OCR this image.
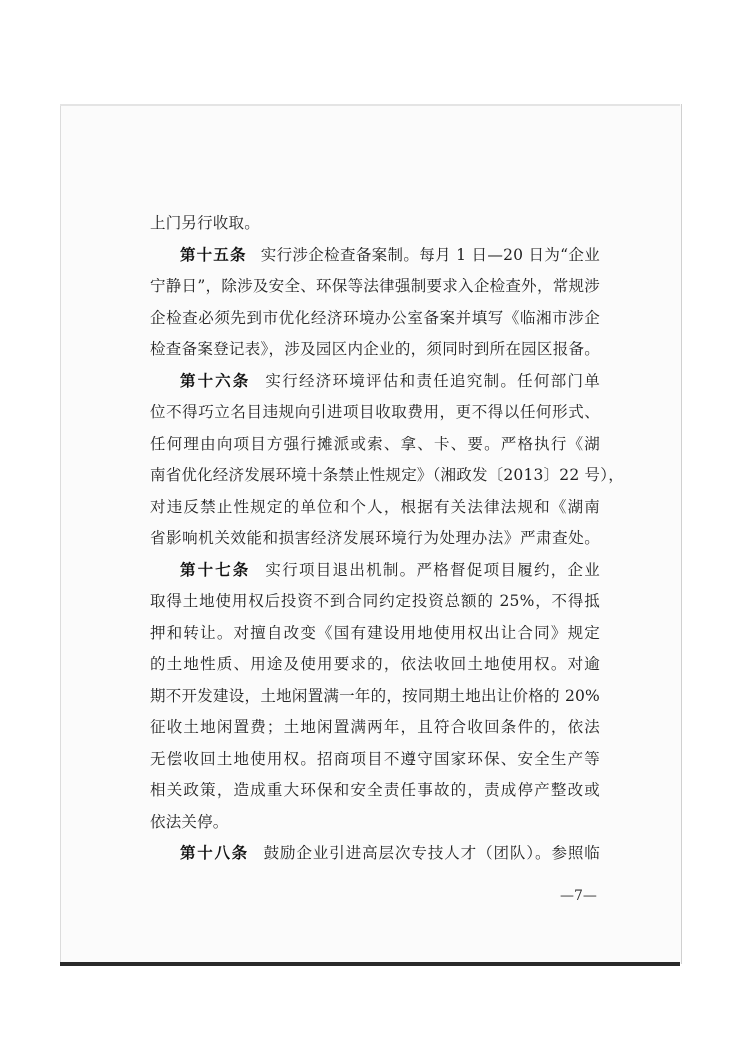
上门另行收取。
第十五条 实行涉企检查备案制。每月 1 日—20 日为“企业
宁静日”，除涉及安全、环保等法律强制要求入企检查外，常规涉
企检查必须先到市优化经济环境办公室备案并填写《临湘市涉企
检查备案登记表》，涉及园区内企业的，须同时到所在园区报备。
第十六条 实行经济环境评估和责任追究制。任何部门单
位不得巧立名目违规向引进项目收取费用，更不得以任何形式、
任何理由向项目方强行摊派或索、拿、卡、要。严格执行《湖
南省优化经济发展环境十条禁止性规定》（湘政发〔2013〕22 号），
对违反禁止性规定的单位和个人，根据有关法律法规和《湖南
省影响机关效能和损害经济发展环境行为处理办法》严肃查处。
第十七条 实行项目退出机制。严格督促项目履约，企业
取得土地使用权后投资不到合同约定投资总额的 25%，不得抵
押和转让。对擅自改变《国有建设用地使用权出让合同》规定
的土地性质、用途及使用要求的，依法收回土地使用权。对逾
期不开发建设，土地闲置满一年的，按同期土地出让价格的 20%
征收土地闲置费；土地闲置满两年，且符合收回条件的，依法
无偿收回土地使用权。招商项目不遵守国家环保、安全生产等
相关政策，造成重大环保和安全责任事故的，责成停产整改或
依法关停。
第十八条 鼓励企业引进高层次专技人才（团队）。参照临
—7—
